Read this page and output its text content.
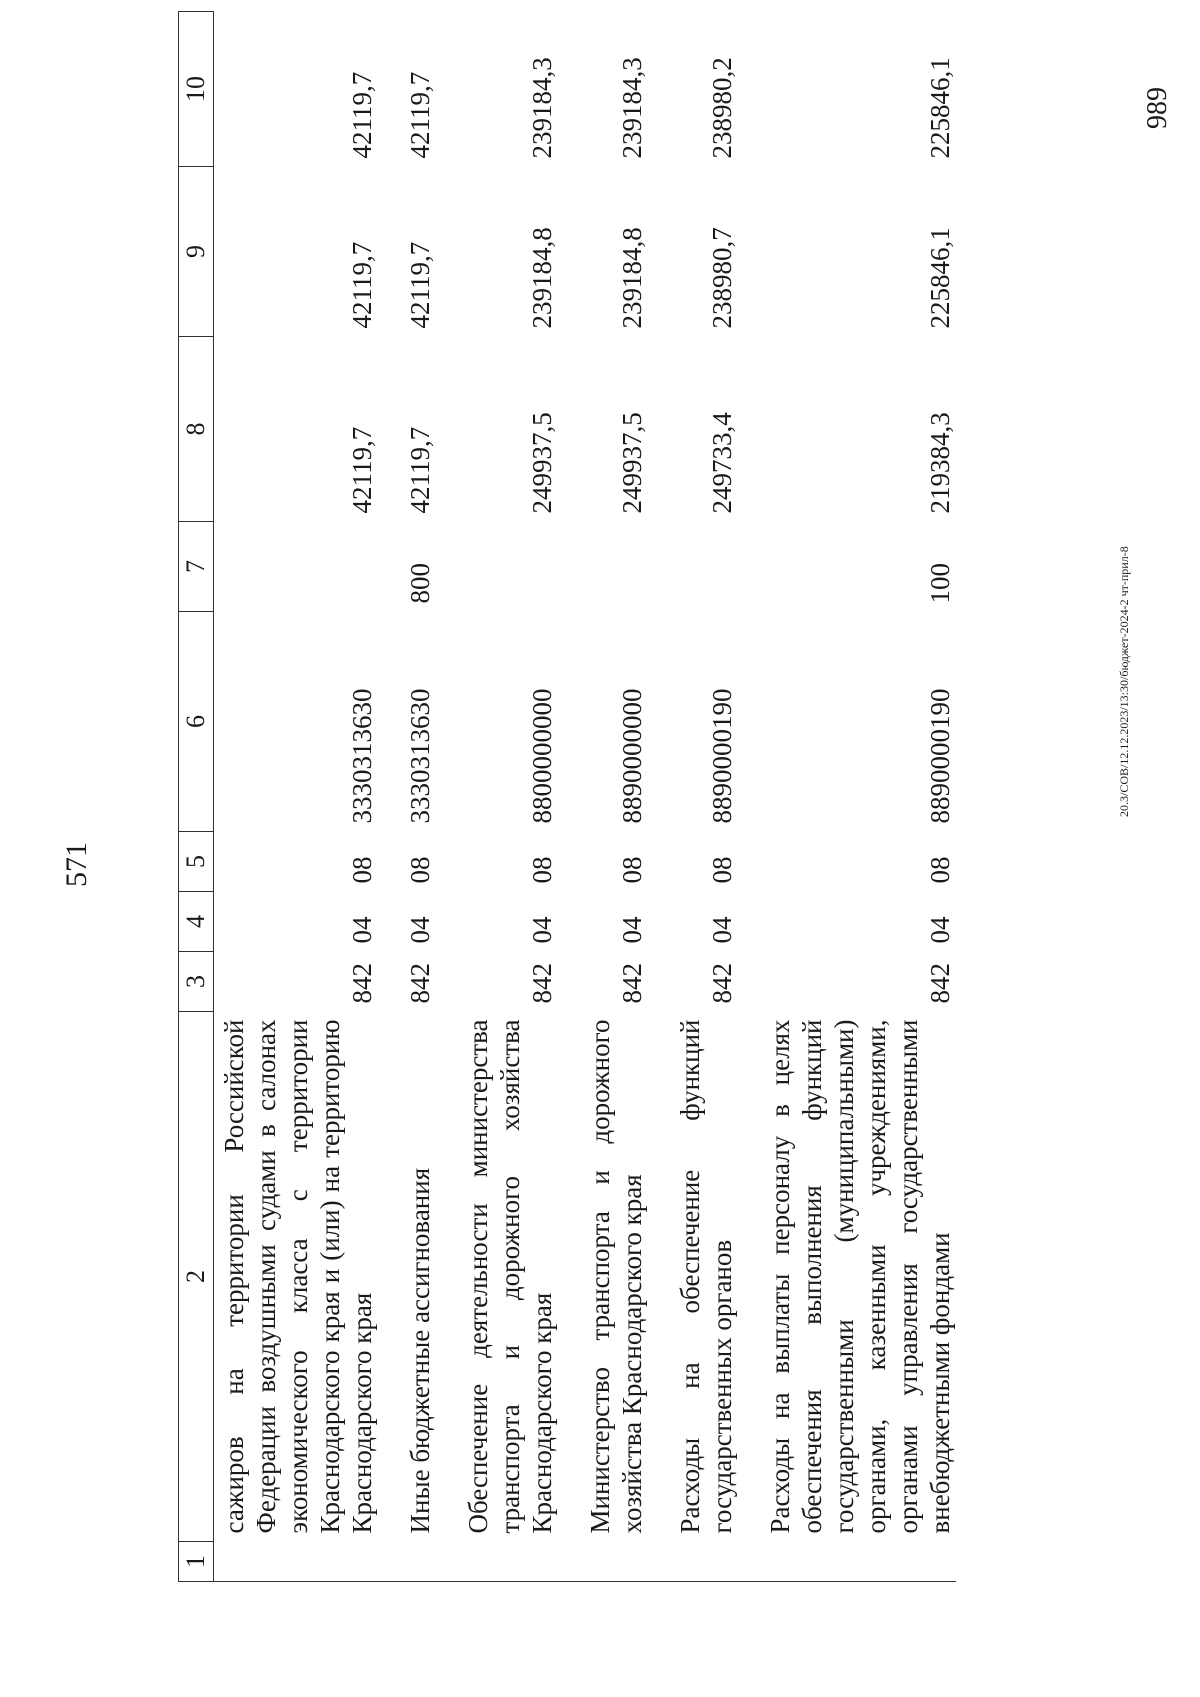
571
1	2	3	4	5	6	7	8	9	10
	сажиров на территории Российской Федерации воздушными судами в салонах экономического класса с территории Краснодарского края и (или) на территорию Краснодарского края	842	04	08	3330313630		42119,7	42119,7	42119,7

	Иные бюджетные ассигнования	842	04	08	3330313630	800	42119,7	42119,7	42119,7

	Обеспечение деятельности министерства транспорта и дорожного хозяйства Краснодарского края	842	04	08	8800000000		249937,5	239184,8	239184,3

	Министерство транспорта и дорожного хозяйства Краснодарского края	842	04	08	8890000000		249937,5	239184,8	239184,3

	Расходы на обеспечение функций государственных органов	842	04	08	8890000190		249733,4	238980,7	238980,2

	Расходы на выплаты персоналу в целях обеспечения выполнения функций государственными (муниципальными) органами, казенными учреждениями, органами управления государственными внебюджетными фондами	842	04	08	8890000190	100	219384,3	225846,1	225846,1	989
20.3/СОВ/12.12.2023/13:30/бюджет-2024-2 чт-прил-8
